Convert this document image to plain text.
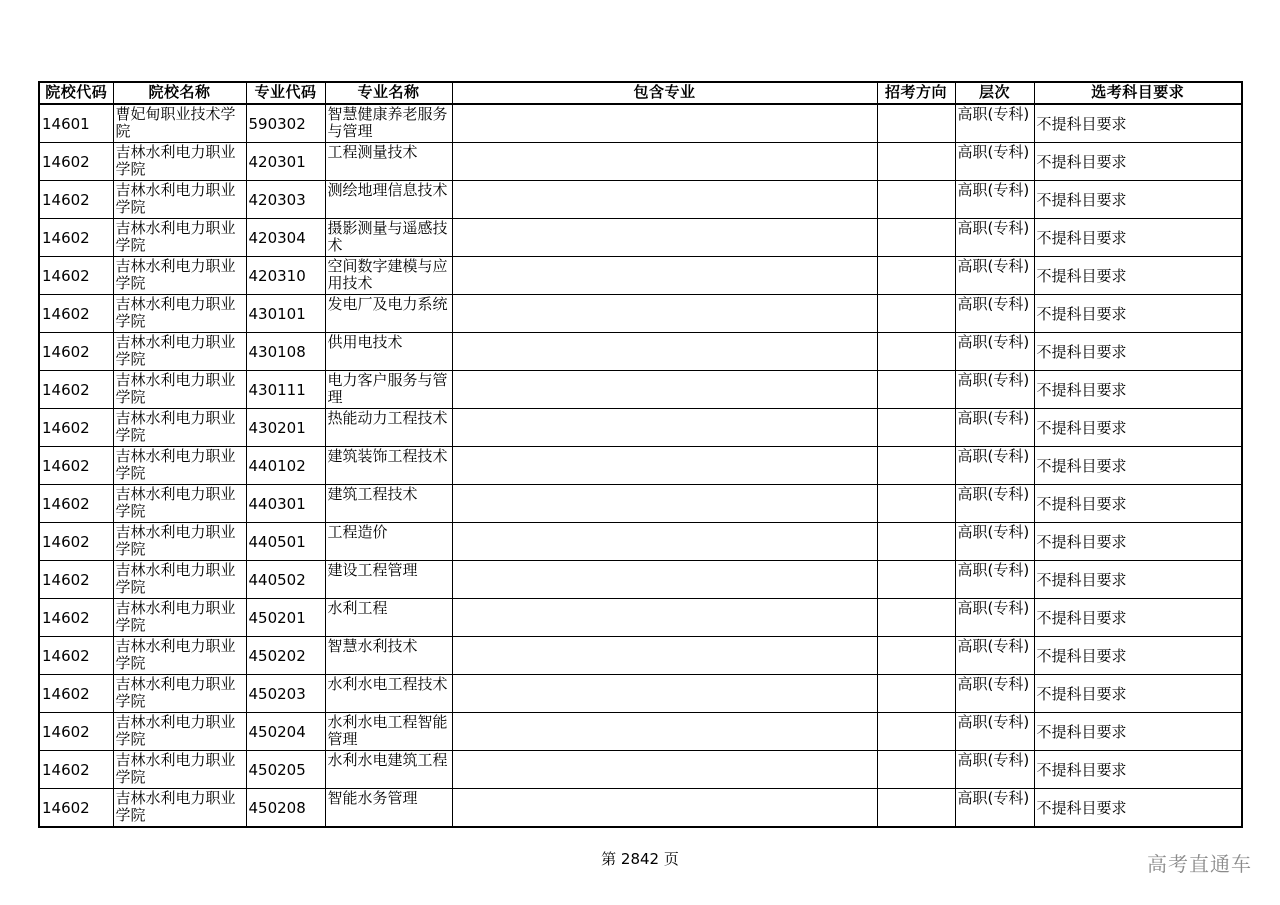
院校代码	院校名称	专业代码	专业名称	包含专业	招考方向	层次	选考科目要求
14601	曹妃甸职业技术学院	590302	智慧健康养老服务与管理			高职(专科)	不提科目要求
14602	吉林水利电力职业学院	420301	工程测量技术			高职(专科)	不提科目要求
14602	吉林水利电力职业学院	420303	测绘地理信息技术			高职(专科)	不提科目要求
14602	吉林水利电力职业学院	420304	摄影测量与遥感技术			高职(专科)	不提科目要求
14602	吉林水利电力职业学院	420310	空间数字建模与应用技术			高职(专科)	不提科目要求
14602	吉林水利电力职业学院	430101	发电厂及电力系统			高职(专科)	不提科目要求
14602	吉林水利电力职业学院	430108	供用电技术			高职(专科)	不提科目要求
14602	吉林水利电力职业学院	430111	电力客户服务与管理			高职(专科)	不提科目要求
14602	吉林水利电力职业学院	430201	热能动力工程技术			高职(专科)	不提科目要求
14602	吉林水利电力职业学院	440102	建筑装饰工程技术			高职(专科)	不提科目要求
14602	吉林水利电力职业学院	440301	建筑工程技术			高职(专科)	不提科目要求
14602	吉林水利电力职业学院	440501	工程造价			高职(专科)	不提科目要求
14602	吉林水利电力职业学院	440502	建设工程管理			高职(专科)	不提科目要求
14602	吉林水利电力职业学院	450201	水利工程			高职(专科)	不提科目要求
14602	吉林水利电力职业学院	450202	智慧水利技术			高职(专科)	不提科目要求
14602	吉林水利电力职业学院	450203	水利水电工程技术			高职(专科)	不提科目要求
14602	吉林水利电力职业学院	450204	水利水电工程智能管理			高职(专科)	不提科目要求
14602	吉林水利电力职业学院	450205	水利水电建筑工程			高职(专科)	不提科目要求
14602	吉林水利电力职业学院	450208	智能水务管理			高职(专科)	不提科目要求
第 2842 页	高考直通车
